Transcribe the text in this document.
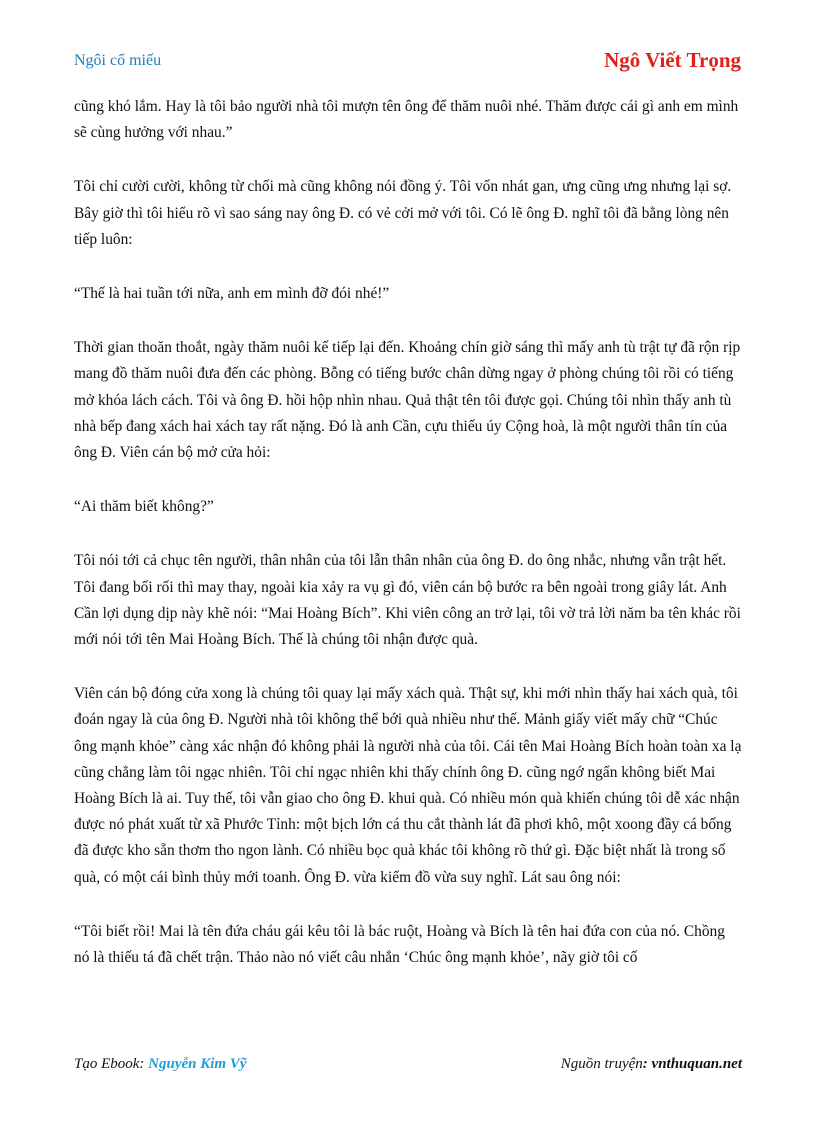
Ngôi cổ miếu	Ngô Viết Trọng

cũng khó lắm. Hay là tôi bảo người nhà tôi mượn tên ông để thăm nuôi nhé. Thăm được cái gì anh em mình sẽ cùng hưởng với nhau.”

Tôi chỉ cười cười, không từ chối mà cũng không nói đồng ý. Tôi vốn nhát gan, ưng cũng ưng nhưng lại sợ. Bây giờ thì tôi hiểu rõ vì sao sáng nay ông Đ. có vẻ cởi mở với tôi. Có lẽ ông Đ. nghĩ tôi đã bằng lòng nên tiếp luôn:

“Thế là hai tuần tới nữa, anh em mình đỡ đói nhé!”

Thời gian thoăn thoắt, ngày thăm nuôi kế tiếp lại đến. Khoảng chín giờ sáng thì mấy anh tù trật tự đã rộn rịp mang đồ thăm nuôi đưa đến các phòng. Bỗng có tiếng bước chân dừng ngay ở phòng chúng tôi rồi có tiếng mở khóa lách cách. Tôi và ông Đ. hồi hộp nhìn nhau. Quả thật tên tôi được gọi. Chúng tôi nhìn thấy anh tù nhà bếp đang xách hai xách tay rất nặng. Đó là anh Cần, cựu thiếu úy Cộng hoà, là một người thân tín của ông Đ. Viên cán bộ mở cửa hỏi:

“Ai thăm biết không?”

Tôi nói tới cả chục tên người, thân nhân của tôi lẫn thân nhân của ông Đ. do ông nhắc, nhưng vẫn trật hết. Tôi đang bối rối thì may thay, ngoài kia xảy ra vụ gì đó, viên cán bộ bước ra bên ngoài trong giây lát. Anh Cần lợi dụng dịp này khẽ nói: “Mai Hoàng Bích”. Khi viên công an trở lại, tôi vờ trả lời năm ba tên khác rồi mới nói tới tên Mai Hoàng Bích. Thế là chúng tôi nhận được quà.

Viên cán bộ đóng cửa xong là chúng tôi quay lại mấy xách quà. Thật sự, khi mới nhìn thấy hai xách quà, tôi đoán ngay là của ông Đ. Người nhà tôi không thể bới quà nhiều như thế. Mảnh giấy viết mấy chữ “Chúc ông mạnh khỏe” càng xác nhận đó không phải là người nhà của tôi. Cái tên Mai Hoàng Bích hoàn toàn xa lạ cũng chẳng làm tôi ngạc nhiên. Tôi chỉ ngạc nhiên khi thấy chính ông Đ. cũng ngớ ngẩn không biết Mai Hoàng Bích là ai. Tuy thế, tôi vẫn giao cho ông Đ. khui quà. Có nhiều món quà khiến chúng tôi dễ xác nhận được nó phát xuất từ xã Phước Tỉnh: một bịch lớn cá thu cắt thành lát đã phơi khô, một xoong đầy cá bống đã được kho sẵn thơm tho ngon lành. Có nhiều bọc quà khác tôi không rõ thứ gì. Đặc biệt nhất là trong số quà, có một cái bình thủy mới toanh. Ông Đ. vừa kiểm đồ vừa suy nghĩ. Lát sau ông nói:

“Tôi biết rồi! Mai là tên đứa cháu gái kêu tôi là bác ruột, Hoàng và Bích là tên hai đứa con của nó. Chồng nó là thiếu tá đã chết trận. Thảo nào nó viết câu nhắn ‘Chúc ông mạnh khỏe’, nãy giờ tôi cố

Tạo Ebook: Nguyễn Kim Vỹ	Nguồn truyện: vnthuquan.net
